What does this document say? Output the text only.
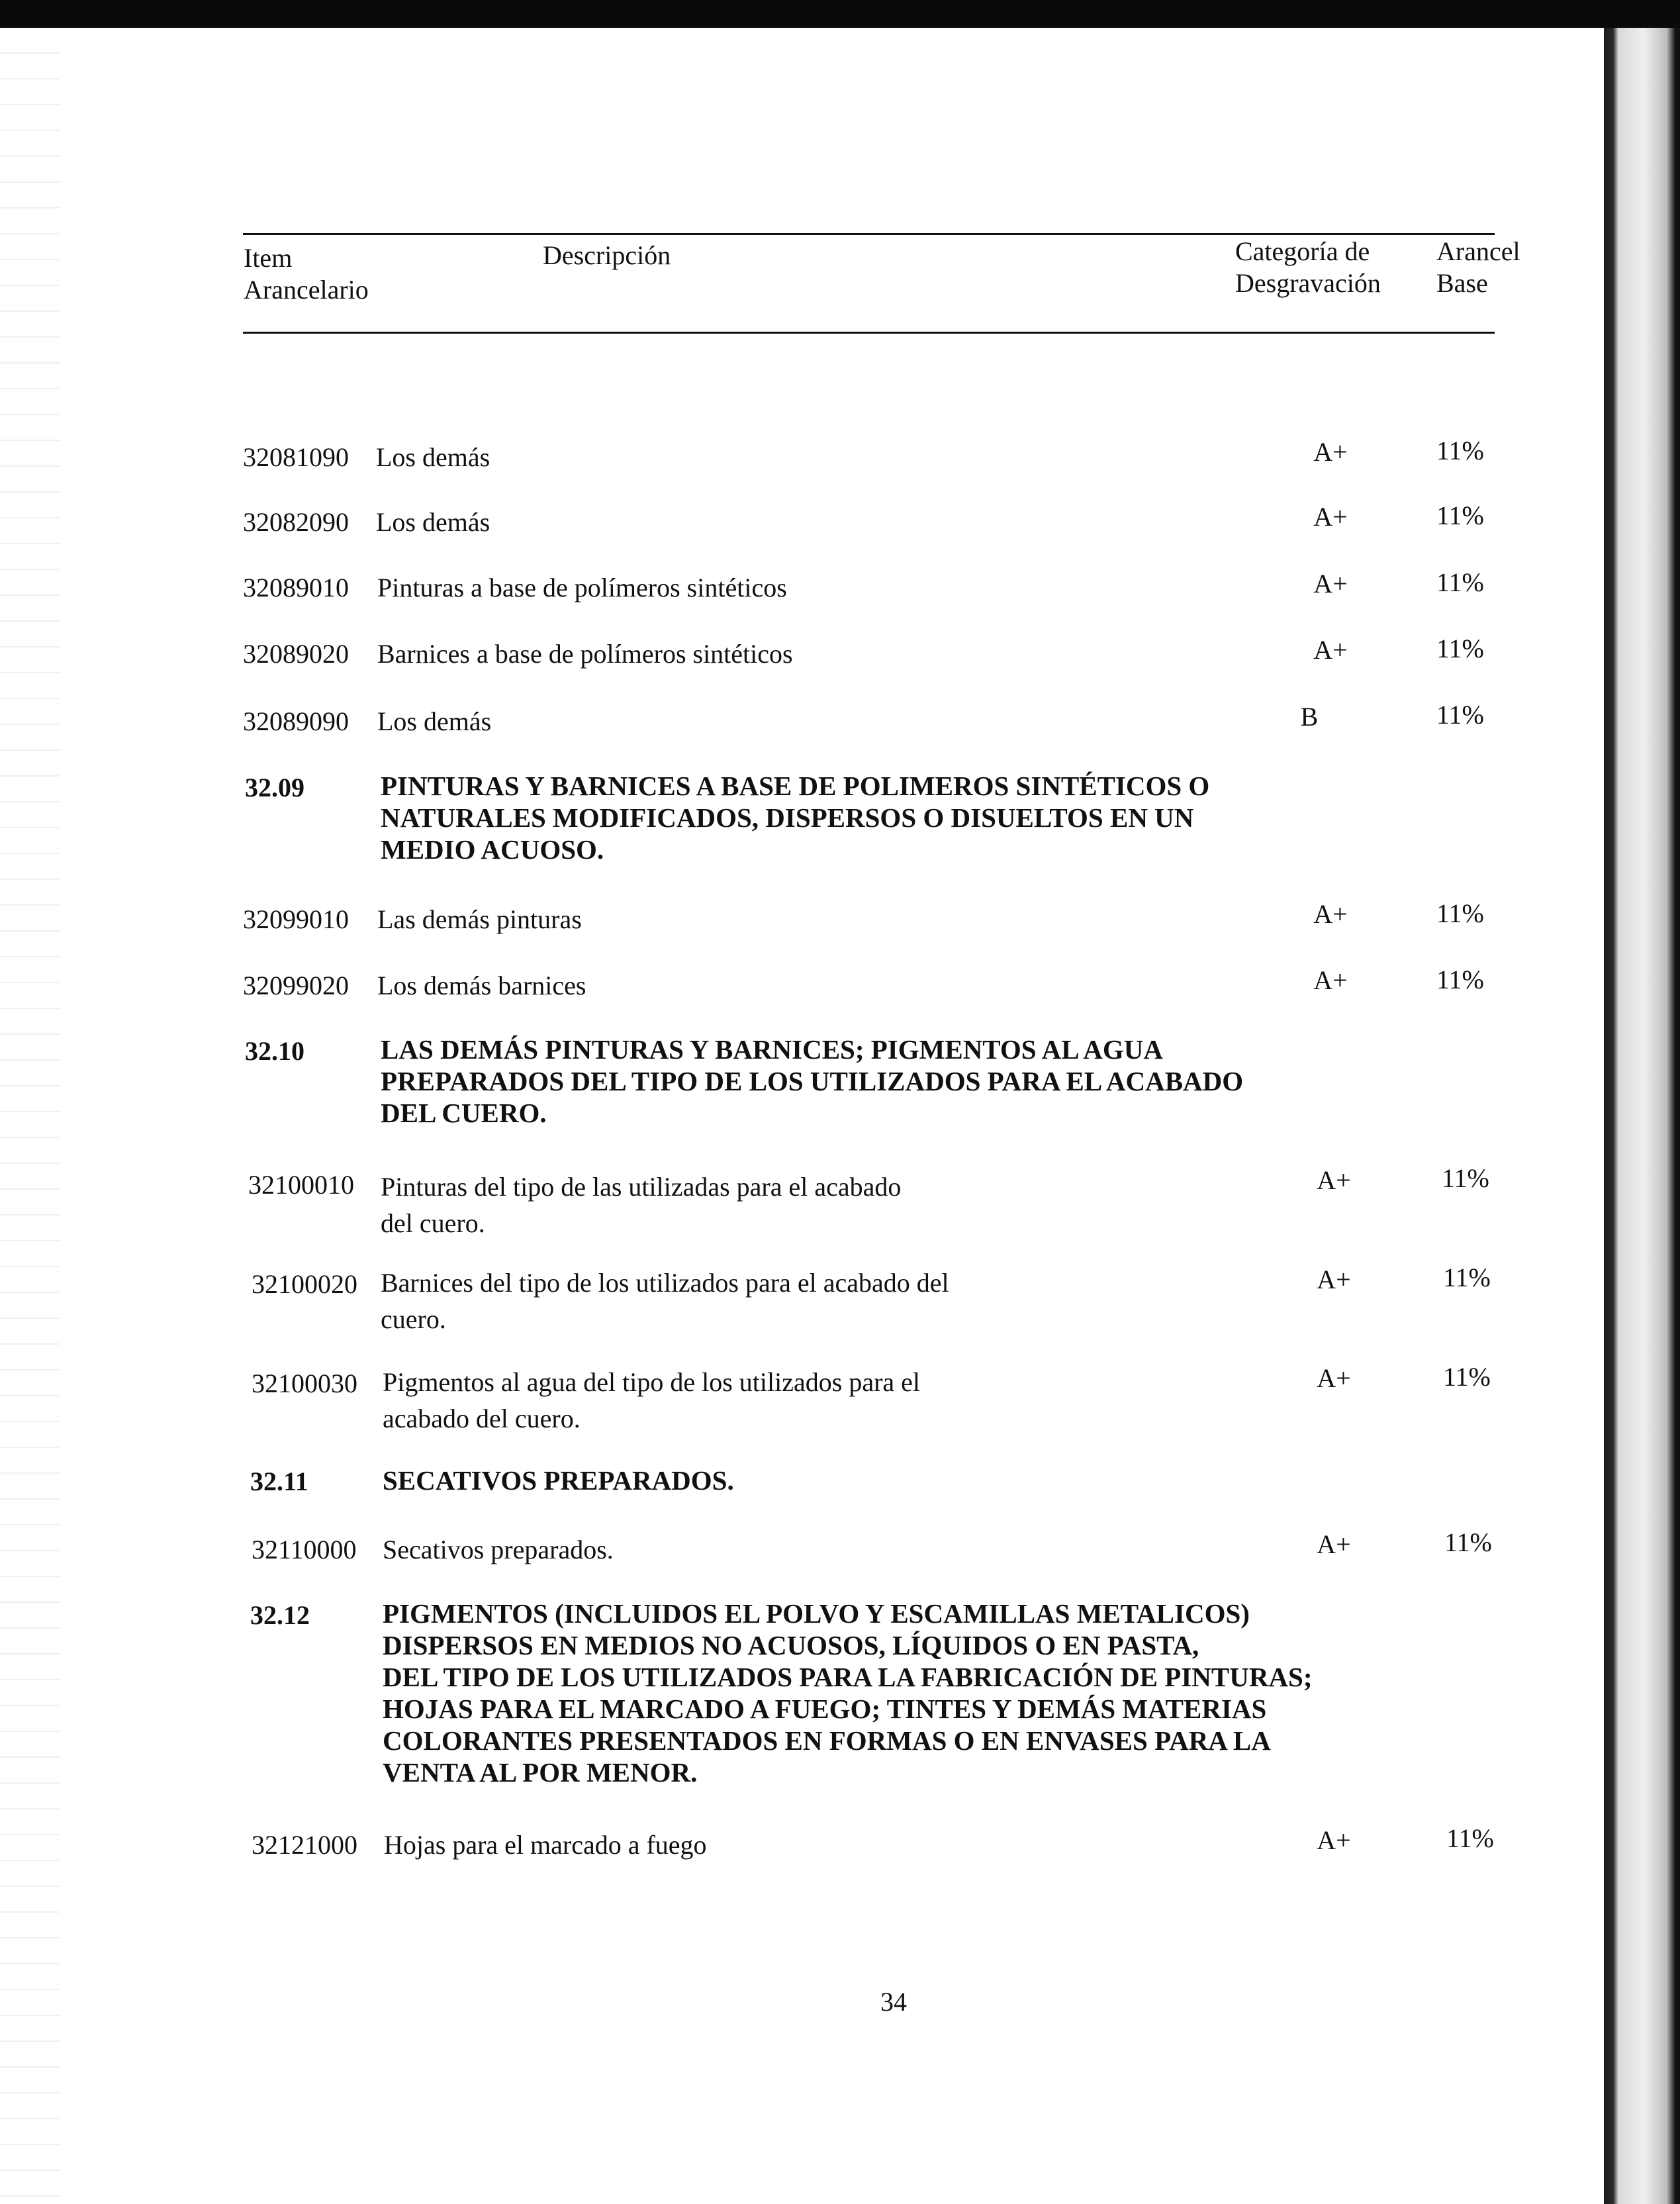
Item
Arancelario
Descripción	Categoría de
Desgravación
Arancel
Base
32081090 Los demás	A+	11%
32082090 Los demás	A+	11%
32089010 Pinturas a base de polímeros sintéticos	A+	11%
32089020 Barnices a base de polímeros sintéticos	A+	11%
32089090 Los demás	B	11%
32.09	PINTURAS Y BARNICES A BASE DE POLIMEROS SINTÉTICOS O
NATURALES MODIFICADOS, DISPERSOS O DISUELTOS EN UN
MEDIO ACUOSO.
32099010 Las demás pinturas	A+	11%
32099020 Los demás barnices	A+	11%
32.10	LAS DEMÁS PINTURAS Y BARNICES; PIGMENTOS AL AGUA
PREPARADOS DEL TIPO DE LOS UTILIZADOS PARA EL ACABADO
DEL CUERO.
32100010 Pinturas del tipo de las utilizadas para el acabado
del cuero.
A+	11%
32100020 Barnices del tipo de los utilizados para el acabado del
cuero.
A+	11%
32100030 Pigmentos al agua del tipo de los utilizados para el
acabado del cuero.
A+	11%
32.11	SECATIVOS PREPARADOS.
32110000 Secativos preparados.	A+	11%
32.12	PIGMENTOS (INCLUIDOS EL POLVO Y ESCAMILLAS METALICOS)
DISPERSOS EN MEDIOS NO ACUOSOS, LÍQUIDOS O EN PASTA,
DEL TIPO DE LOS UTILIZADOS PARA LA FABRICACIÓN DE PINTURAS;
HOJAS PARA EL MARCADO A FUEGO; TINTES Y DEMÁS MATERIAS
COLORANTES PRESENTADOS EN FORMAS O EN ENVASES PARA LA
VENTA AL POR MENOR.
32121000 Hojas para el marcado a fuego	A+	11%
34
